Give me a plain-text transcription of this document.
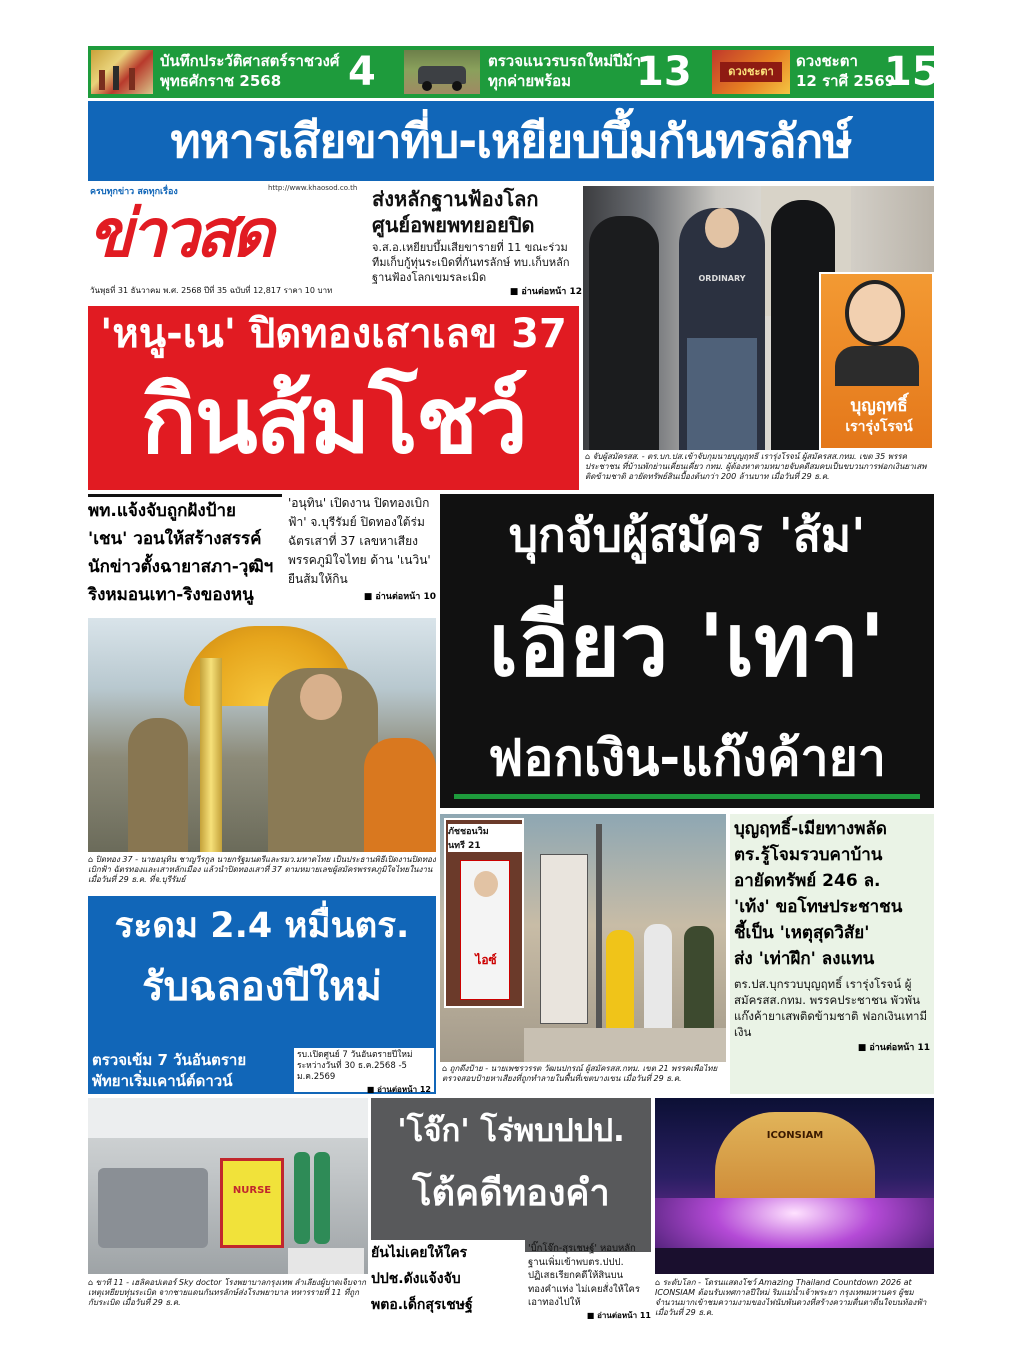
บันทึกประวัติศาสตร์ราชวงศ์
พุทธศักราช 2568	4	ตรวจแนวรบรถใหม่ปีม้า
ทุกค่ายพร้อม	13	ดวงชะตา
ดวงชะตา
12 ราศี 2569
15
ทหารเสียขาที่บ-เหยียบบึ้มกันทรลักษ์
ครบทุกข่าว สดทุกเรื่อง	http://www.khaosod.co.th
ข่าวสด
วันพุธที่ 31 ธันวาคม พ.ศ. 2568 ปีที่ 35 ฉบับที่ 12,817 ราคา 10 บาท
ส่งหลักฐานฟ้องโลก
ศูนย์อพยพทยอยปิด
จ.ส.อ.เหยียบบึ้มเสียขารายที่ 11 ขณะร่วมทีมเก็บกู้ทุ่นระเบิดที่กันทรลักษ์ ทบ.เก็บหลักฐานฟ้องโลกเขมรละเมิด
■ อ่านต่อหน้า 12
ORDINARY
บุญฤทธิ์
เรารุ่งโรจน์
⌂ จับผู้สมัครสส. - ตร.บก.ปส.เข้าจับกุมนายบุญฤทธิ์ เรารุ่งโรจน์ ผู้สมัครสส.กทม. เขต 35 พรรคประชาชน ที่บ้านพักย่านเคี่ยนเคี่ยว กทม. ผู้ต้องหาตามหมายจับคดีสมคบเป็นขบวนการฟอกเงินยาเสพติดข้ามชาติ อายัดทรัพย์สินเบื้องต้นกว่า 200 ล้านบาท เมื่อวันที่ 29 ธ.ค.
'หนู-เน' ปิดทองเสาเลข 37
กินส้มโชว์
พท.แจ้งจับถูกฝังป้าย
'เชน' วอนให้สร้างสรรค์
นักข่าวตั้งฉายาสภา-วุฒิฯ
ริงหมอนเทา-ริงของหนู
'อนุทิน' เปิดงาน ปิดทองเบิกฟ้า' จ.บุรีรัมย์ ปิดทองใต้ร่มฉัตรเสาที่ 37 เลขหาเสียงพรรคภูมิใจไทย ด้าน 'เนวิน' ยืนส้มให้กิน
■ อ่านต่อหน้า 10
บุกจับผู้สมัคร 'ส้ม'
เอี่ยว 'เทา'
ฟอกเงิน-แก๊งค้ายา
⌂ ปิดทอง 37 - นายอนุทิน ชาญวีรกูล นายกรัฐมนตรีและรมว.มหาดไทย เป็นประธานพิธีเปิดงานปิดทองเบิกฟ้า ฉัตรทองและเสาหลักเมือง แล้วนำปิดทองเสาที่ 37 ตามหมายเลขผู้สมัครพรรคภูมิใจไทยในงาน เมื่อวันที่ 29 ธ.ค. ที่จ.บุรีรัมย์
ระดม 2.4 หมื่นตร.
รับฉลองปีใหม่
ตรวจเข้ม 7 วันอันตราย
พัทยาเริ่มเคาน์ต์ดาวน์
รบ.เปิดศูนย์ 7 วันอันตรายปีใหม่ ระหว่างวันที่ 30 ธ.ค.2568 -5 ม.ค.2569
■ อ่านต่อหน้า 12
ภัชชอนวิม
นทรี 21
ไอซ์
⌂ ถูกดึงป้าย - นายเพชรวรรต วัฒนปกรณ์ ผู้สมัครสส.กทม. เขต 21 พรรคเพื่อไทย ตรวจสอบป้ายหาเสียงที่ถูกทำลายในพื้นที่เขตบางเขน เมื่อวันที่ 29 ธ.ค.
บุญฤทธิ์-เมียทางพลัด
ตร.รู้โจมรวบคาบ้าน
อายัดทรัพย์ 246 ล.
'เท้ง' ขอโทษประชาชน
ชี้เป็น 'เหตุสุดวิสัย'
ส่ง 'เท่าฝึก' ลงแทน
ตร.ปส.บุกรวบบุญฤทธิ์ เรารุ่งโรจน์ ผู้สมัครสส.กทม. พรรคประชาชน พัวพันแก๊งค้ายาเสพติดข้ามชาติ ฟอกเงินเทามีเงิน
■ อ่านต่อหน้า 11
NURSE
⌂ ขาที่ 11 - เฮลิคอปเตอร์ Sky doctor โรงพยาบาลกรุงเทพ ลำเลียงผู้บาดเจ็บจากเหตุเหยียบทุ่นระเบิด จากชายแดนกันทรลักษ์ส่งโรงพยาบาล ทหารรายที่ 11 ที่ถูกกับระเบิด เมื่อวันที่ 29 ธ.ค.
'โจ๊ก' โร่พบปปป.
โต้คดีทองคำ
ยันไม่เคยให้ใคร
ปปช.ดังแจ้งจับ
พตอ.เด็กสุรเชษฐ์
'บิ๊กโจ๊ก-สุรเชษฐ์' หอบหลักฐานเพิ่มเข้าพบตร.ปปป. ปฏิเสธเรียกคดีให้สินบนทองคำแท่ง ไม่เคยสั่งให้ใครเอาทองไปให้
■ อ่านต่อหน้า 11
ICONSIAM
⌂ ระดับโลก - โดรนแสดงโชว์ Amazing Thailand Countdown 2026 at ICONSIAM ต้อนรับเทศกาลปีใหม่ ริมแม่น้ำเจ้าพระยา กรุงเทพมหานคร ผู้ชมจำนวนมากเข้าชมความงามของไฟนับพันดวงที่สร้างความตื่นตาตื่นใจบนท้องฟ้า เมื่อวันที่ 29 ธ.ค.
